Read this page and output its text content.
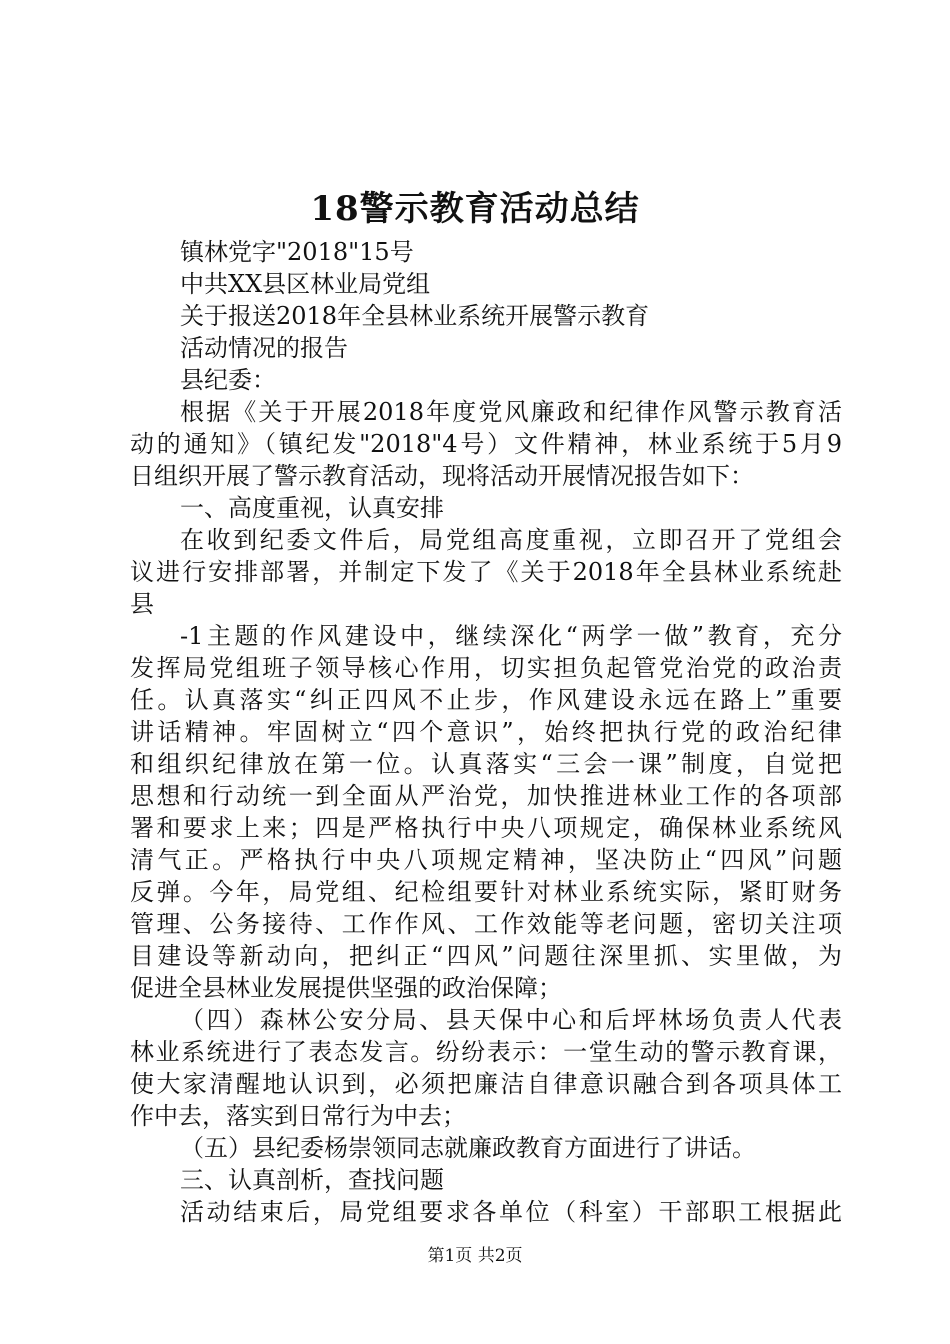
18警示教育活动总结
镇林党字"2018"15号
中共XX县区林业局党组
关于报送2018年全县林业系统开展警示教育
活动情况的报告
县纪委：
根据《关于开展2018年度党风廉政和纪律作风警示教育活
动的通知》（镇纪发"2018"4号）文件精神，林业系统于5月9
日组织开展了警示教育活动，现将活动开展情况报告如下：
一、高度重视，认真安排
在收到纪委文件后，局党组高度重视，立即召开了党组会
议进行安排部署，并制定下发了《关于2018年全县林业系统赴
县
-1主题的作风建设中，继续深化“两学一做”教育，充分
发挥局党组班子领导核心作用，切实担负起管党治党的政治责
任。认真落实“纠正四风不止步，作风建设永远在路上”重要
讲话精神。牢固树立“四个意识”，始终把执行党的政治纪律
和组织纪律放在第一位。认真落实“三会一课”制度，自觉把
思想和行动统一到全面从严治党，加快推进林业工作的各项部
署和要求上来；四是严格执行中央八项规定，确保林业系统风
清气正。严格执行中央八项规定精神，坚决防止“四风”问题
反弹。今年，局党组、纪检组要针对林业系统实际，紧盯财务
管理、公务接待、工作作风、工作效能等老问题，密切关注项
目建设等新动向，把纠正“四风”问题往深里抓、实里做，为
促进全县林业发展提供坚强的政治保障；
（四）森林公安分局、县天保中心和后坪林场负责人代表
林业系统进行了表态发言。纷纷表示：一堂生动的警示教育课，
使大家清醒地认识到，必须把廉洁自律意识融合到各项具体工
作中去，落实到日常行为中去；
（五）县纪委杨崇领同志就廉政教育方面进行了讲话。
三、认真剖析，查找问题
活动结束后，局党组要求各单位（科室）干部职工根据此
第1页 共2页
